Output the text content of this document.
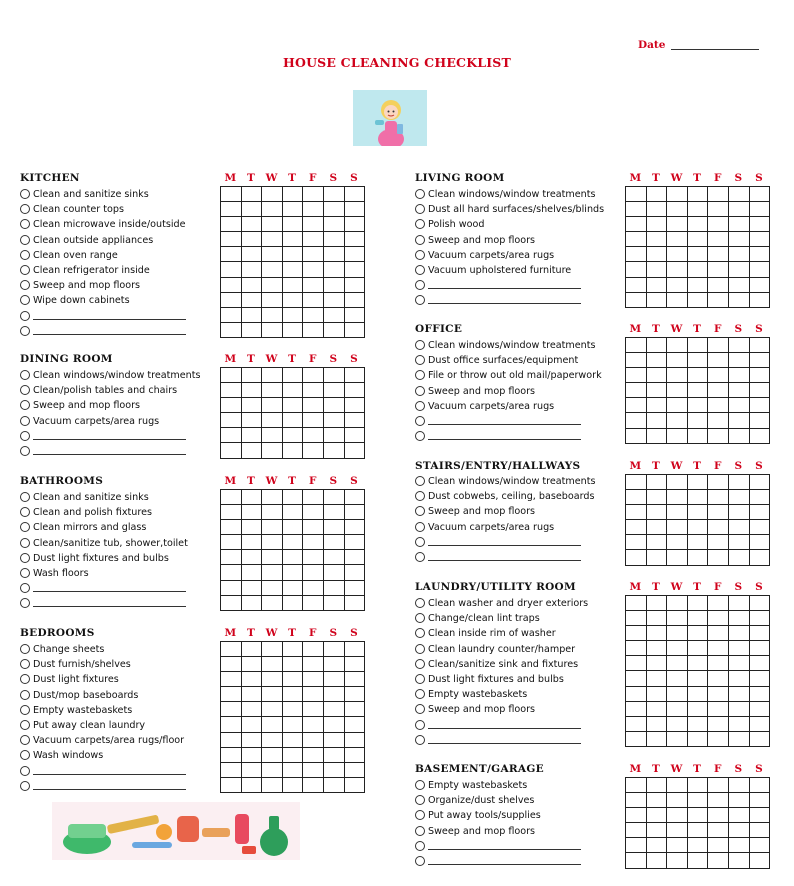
HOUSE CLEANING CHECKLIST
Date
KITCHEN
Clean and sanitize sinks
Clean counter tops
Clean microwave inside/outside
Clean outside appliances
Clean oven range
Clean refrigerator inside
Sweep and mop floors
Wipe down cabinets
M	T	W	T	F	S	S

DINING ROOM
Clean windows/window treatments
Clean/polish tables and chairs
Sweep and mop floors
Vacuum carpets/area rugs
M	T	W	T	F	S	S

BATHROOMS
Clean and sanitize sinks
Clean and polish fixtures
Clean mirrors and glass
Clean/sanitize tub, shower,toilet
Dust light fixtures and bulbs
Wash floors
M	T	W	T	F	S	S

BEDROOMS
Change sheets
Dust furnish/shelves
Dust light fixtures
Dust/mop baseboards
Empty wastebaskets
Put away clean laundry
Vacuum carpets/area rugs/floor
Wash windows
M	T	W	T	F	S	S

LIVING ROOM
Clean windows/window treatments
Dust all hard surfaces/shelves/blinds
Polish wood
Sweep and mop floors
Vacuum carpets/area rugs
Vacuum upholstered furniture
M	T	W	T	F	S	S

OFFICE
Clean windows/window treatments
Dust office surfaces/equipment
File or throw out old mail/paperwork
Sweep and mop floors
Vacuum carpets/area rugs
M	T	W	T	F	S	S

STAIRS/ENTRY/HALLWAYS
Clean windows/window treatments
Dust cobwebs, ceiling, baseboards
Sweep and mop floors
Vacuum carpets/area rugs
M	T	W	T	F	S	S

LAUNDRY/UTILITY ROOM
Clean washer and dryer exteriors
Change/clean lint traps
Clean inside rim of washer
Clean laundry counter/hamper
Clean/sanitize sink and fixtures
Dust light fixtures and bulbs
Empty wastebaskets
Sweep and mop floors
M	T	W	T	F	S	S

BASEMENT/GARAGE
Empty wastebaskets
Organize/dust shelves
Put away tools/supplies
Sweep and mop floors
M	T	W	T	F	S	S
